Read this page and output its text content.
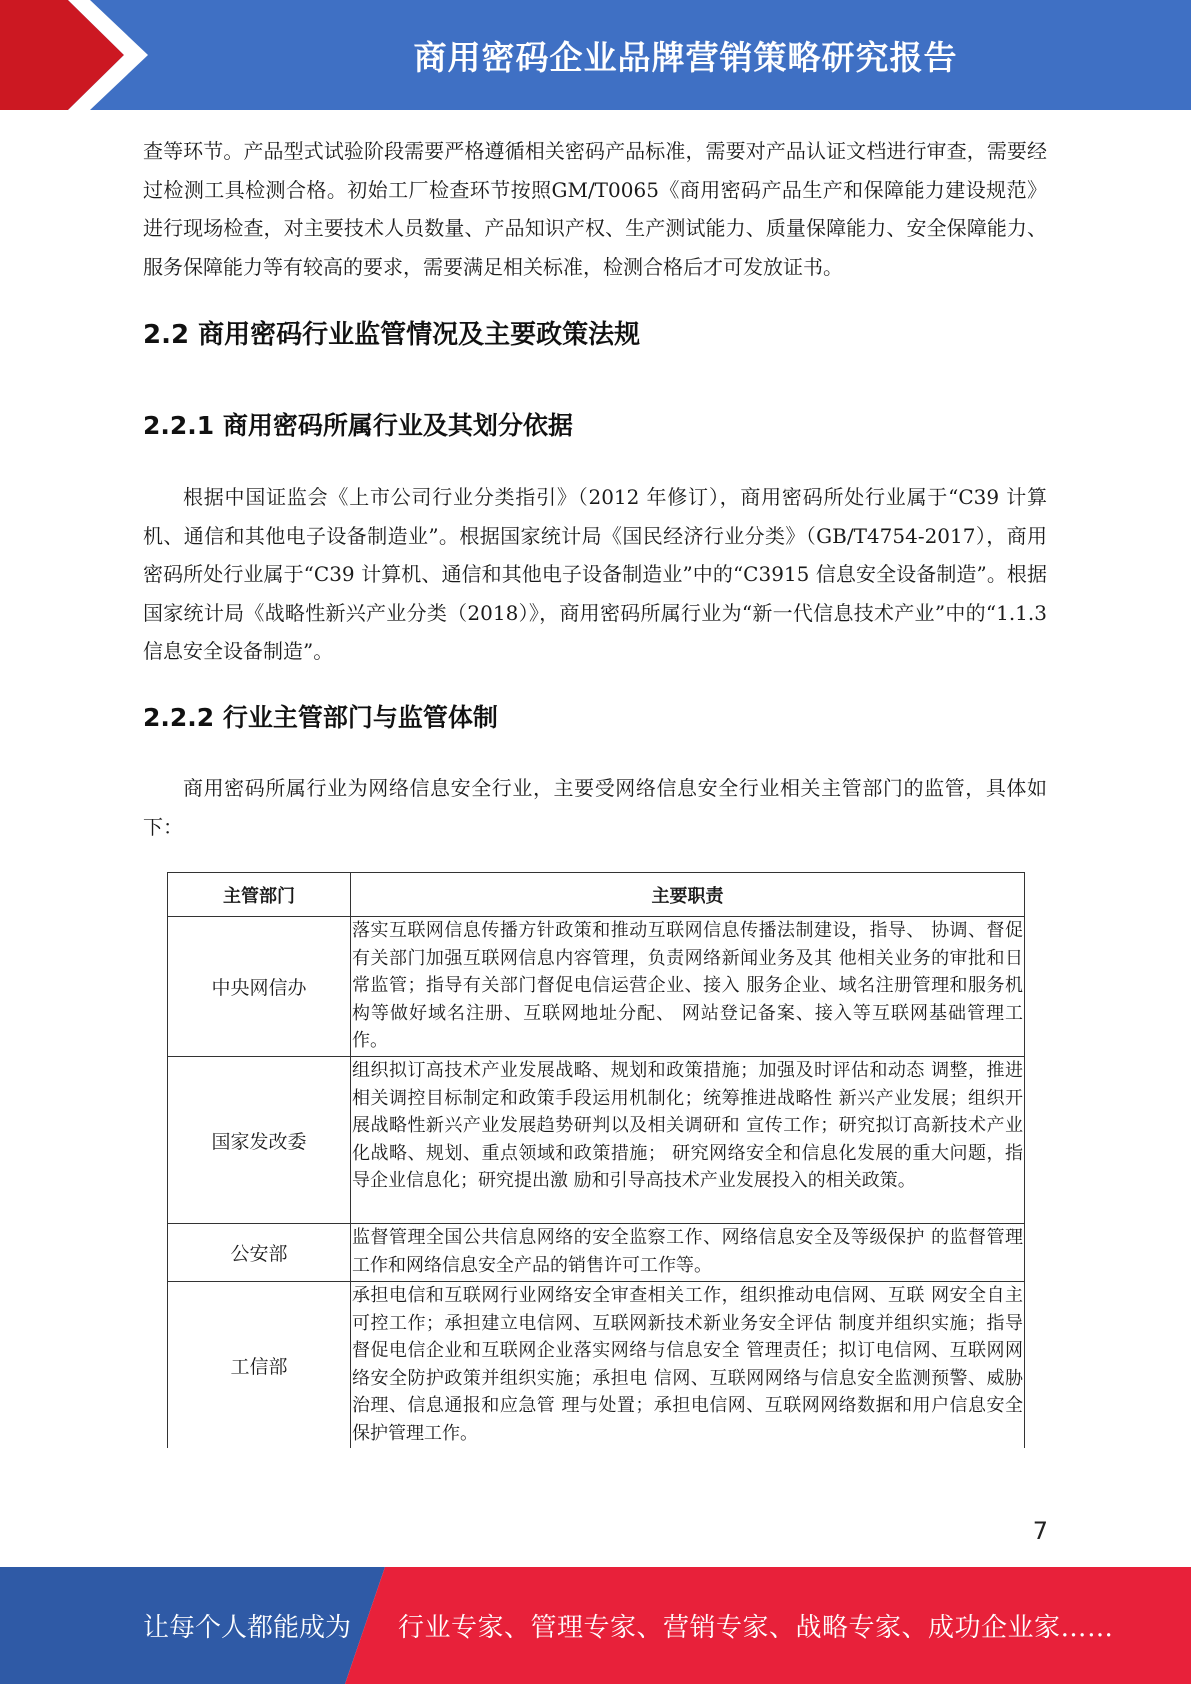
商用密码企业品牌营销策略研究报告

查等环节。产品型式试验阶段需要严格遵循相关密码产品标准，需要对产品认证文档进行审查，需要经过检测工具检测合格。初始工厂检查环节按照GM/T0065《商用密码产品生产和保障能力建设规范》进行现场检查，对主要技术人员数量、产品知识产权、生产测试能力、质量保障能力、安全保障能力、服务保障能力等有较高的要求，需要满足相关标准，检测合格后才可发放证书。

2.2 商用密码行业监管情况及主要政策法规
2.2.1 商用密码所属行业及其划分依据

根据中国证监会《上市公司行业分类指引》（2012 年修订），商用密码所处行业属于“C39 计算机、通信和其他电子设备制造业”。根据国家统计局《国民经济行业分类》（GB/T4754-2017），商用密码所处行业属于“C39 计算机、通信和其他电子设备制造业”中的“C3915 信息安全设备制造”。根据国家统计局《战略性新兴产业分类（2018）》，商用密码所属行业为“新一代信息技术产业”中的“1.1.3 信息安全设备制造”。

2.2.2 行业主管部门与监管体制

商用密码所属行业为网络信息安全行业，主要受网络信息安全行业相关主管部门的监管，具体如下：

主管部门	主要职责
中央网信办	落实互联网信息传播方针政策和推动互联网信息传播法制建设，指导、 协调、督促有关部门加强互联网信息内容管理，负责网络新闻业务及其 他相关业务的审批和日常监管；指导有关部门督促电信运营企业、接入 服务企业、域名注册管理和服务机构等做好域名注册、互联网地址分配、 网站登记备案、接入等互联网基础管理工作。
国家发改委	组织拟订高技术产业发展战略、规划和政策措施；加强及时评估和动态 调整，推进相关调控目标制定和政策手段运用机制化；统筹推进战略性 新兴产业发展；组织开展战略性新兴产业发展趋势研判以及相关调研和 宣传工作；研究拟订高新技术产业化战略、规划、重点领域和政策措施； 研究网络安全和信息化发展的重大问题，指导企业信息化；研究提出激 励和引导高技术产业发展投入的相关政策。
公安部	监督管理全国公共信息网络的安全监察工作、网络信息安全及等级保护 的监督管理工作和网络信息安全产品的销售许可工作等。
工信部	承担电信和互联网行业网络安全审查相关工作，组织推动电信网、互联 网安全自主可控工作；承担建立电信网、互联网新技术新业务安全评估 制度并组织实施；指导督促电信企业和互联网企业落实网络与信息安全 管理责任；拟订电信网、互联网网络安全防护政策并组织实施；承担电 信网、互联网网络与信息安全监测预警、威胁治理、信息通报和应急管 理与处置；承担电信网、互联网网络数据和用户信息安全保护管理工作。
7
让每个人都能成为 行业专家、管理专家、营销专家、战略专家、成功企业家……
